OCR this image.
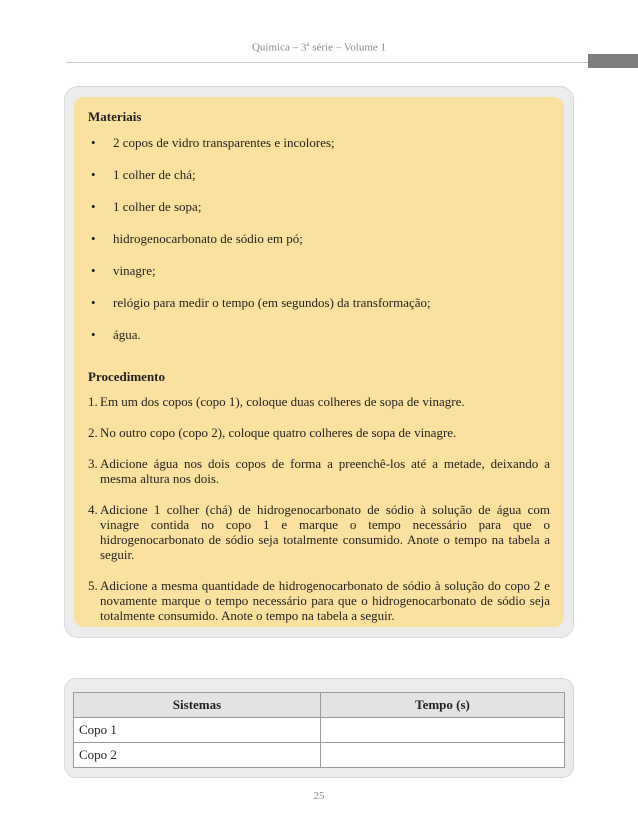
Química – 3$^a$ série – Volume 1
Materiais
• 2 copos de vidro transparentes e incolores;
• 1 colher de chá;
• 1 colher de sopa;
• hidrogenocarbonato de sódio em pó;
• vinagre;
• relógio para medir o tempo (em segundos) da transformação;
• água.
Procedimento
1. Em um dos copos (copo 1), coloque duas colheres de sopa de vinagre.
2. No outro copo (copo 2), coloque quatro colheres de sopa de vinagre.
3. Adicione água nos dois copos de forma a preenchê-los até a metade, deixando a mesma altura nos dois.
4. Adicione 1 colher (chá) de hidrogenocarbonato de sódio à solução de água com vinagre contida no copo 1 e marque o tempo necessário para que o hidrogenocarbonato de sódio seja totalmente consumido. Anote o tempo na tabela a seguir.
5. Adicione a mesma quantidade de hidrogenocarbonato de sódio à solução do copo 2 e novamente marque o tempo necessário para que o hidrogenocarbonato de sódio seja totalmente consumido. Anote o tempo na tabela a seguir.
Sistemas	Tempo (s)
Copo 1	
Copo 2	
25
